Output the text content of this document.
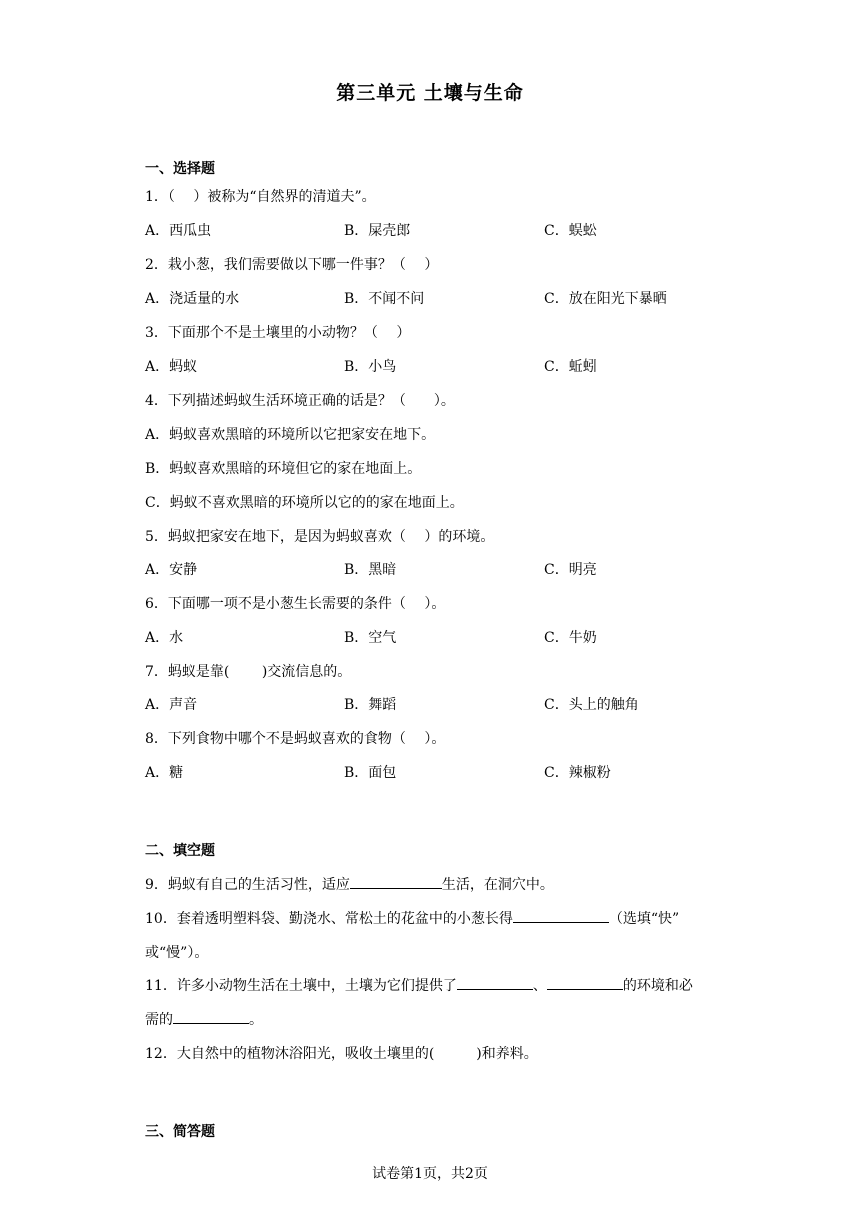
第三单元 土壤与生命
一、选择题
1．（　 ）被称为“自然界的清道夫”。
A．西瓜虫	B．屎壳郎	C．蜈蚣
2．栽小葱，我们需要做以下哪一件事？（　 ）
A．浇适量的水	B．不闻不问	C．放在阳光下暴晒
3．下面那个不是土壤里的小动物？（　 ）
A．蚂蚁	B．小鸟	C．蚯蚓
4．下列描述蚂蚁生活环境正确的话是？（　　）。
A．蚂蚁喜欢黑暗的环境所以它把家安在地下。
B．蚂蚁喜欢黑暗的环境但它的家在地面上。
C．蚂蚁不喜欢黑暗的环境所以它的的家在地面上。
5．蚂蚁把家安在地下，是因为蚂蚁喜欢（　 ）的环境。
A．安静	B．黑暗	C．明亮
6．下面哪一项不是小葱生长需要的条件（　 ）。
A．水	B．空气	C．牛奶
7．蚂蚁是靠(　　 )交流信息的。
A．声音	B．舞蹈	C．头上的触角
8．下列食物中哪个不是蚂蚁喜欢的食物（　 ）。
A．糖	B．面包	C．辣椒粉
二、填空题
9．蚂蚁有自己的生活习性，适应	生活，在洞穴中。
10．套着透明塑料袋、勤浇水、常松土的花盆中的小葱长得	（选填“快”
或“慢”）。
11．许多小动物生活在土壤中，土壤为它们提供了	、	的环境和必
需的	。
12．大自然中的植物沐浴阳光，吸收土壤里的(　　　)和养料。
三、简答题
试卷第1页，共2页
